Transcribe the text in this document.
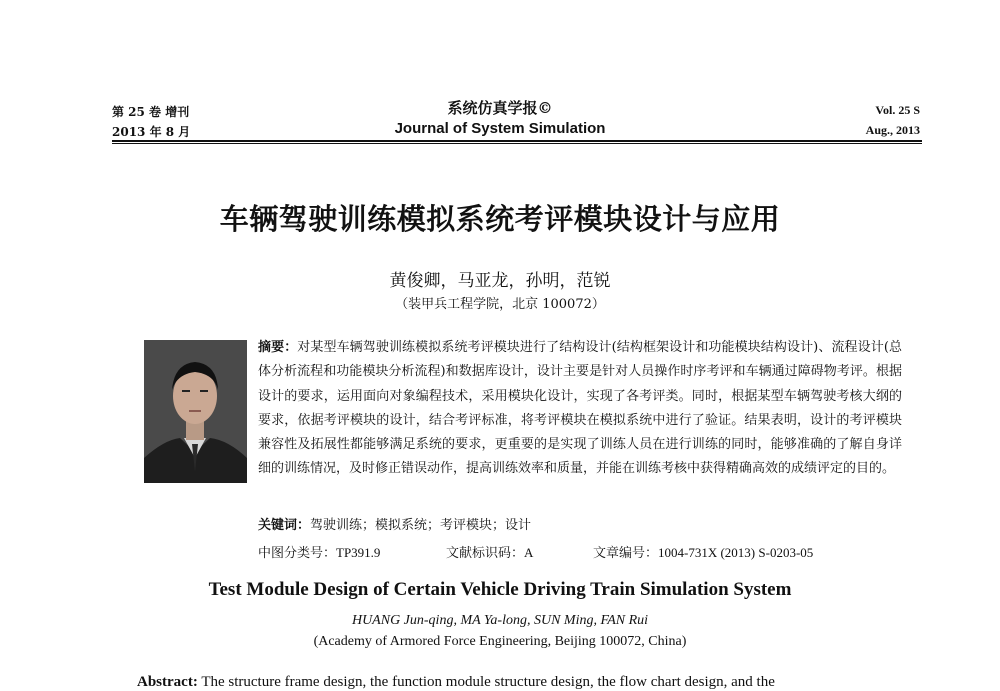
第 25 卷 增刊
2013 年 8 月
系统仿真学报©
Journal of System Simulation
Vol. 25 S
Aug., 2013
车辆驾驶训练模拟系统考评模块设计与应用
黄俊卿，马亚龙，孙明，范锐
（装甲兵工程学院，北京 100072）
摘要：对某型车辆驾驶训练模拟系统考评模块进行了结构设计(结构框架设计和功能模块结构设计)、流程设计(总体分析流程和功能模块分析流程)和数据库设计，设计主要是针对人员操作时序考评和车辆通过障碍物考评。根据设计的要求，运用面向对象编程技术，采用模块化设计，实现了各考评类。同时，根据某型车辆驾驶考核大纲的要求，依据考评模块的设计，结合考评标准，将考评模块在模拟系统中进行了验证。结果表明，设计的考评模块兼容性及拓展性都能够满足系统的要求，更重要的是实现了训练人员在进行训练的同时，能够准确的了解自身详细的训练情况，及时修正错误动作，提高训练效率和质量，并能在训练考核中获得精确高效的成绩评定的目的。
关键词：驾驶训练；模拟系统；考评模块；设计
中图分类号：TP391.9	文献标识码：A	文章编号：1004-731X (2013) S-0203-05
Test Module Design of Certain Vehicle Driving Train Simulation System
HUANG Jun-qing, MA Ya-long, SUN Ming, FAN Rui
(Academy of Armored Force Engineering, Beijing 100072, China)
Abstract: The structure frame design, the function module structure design, the flow chart design, and the
